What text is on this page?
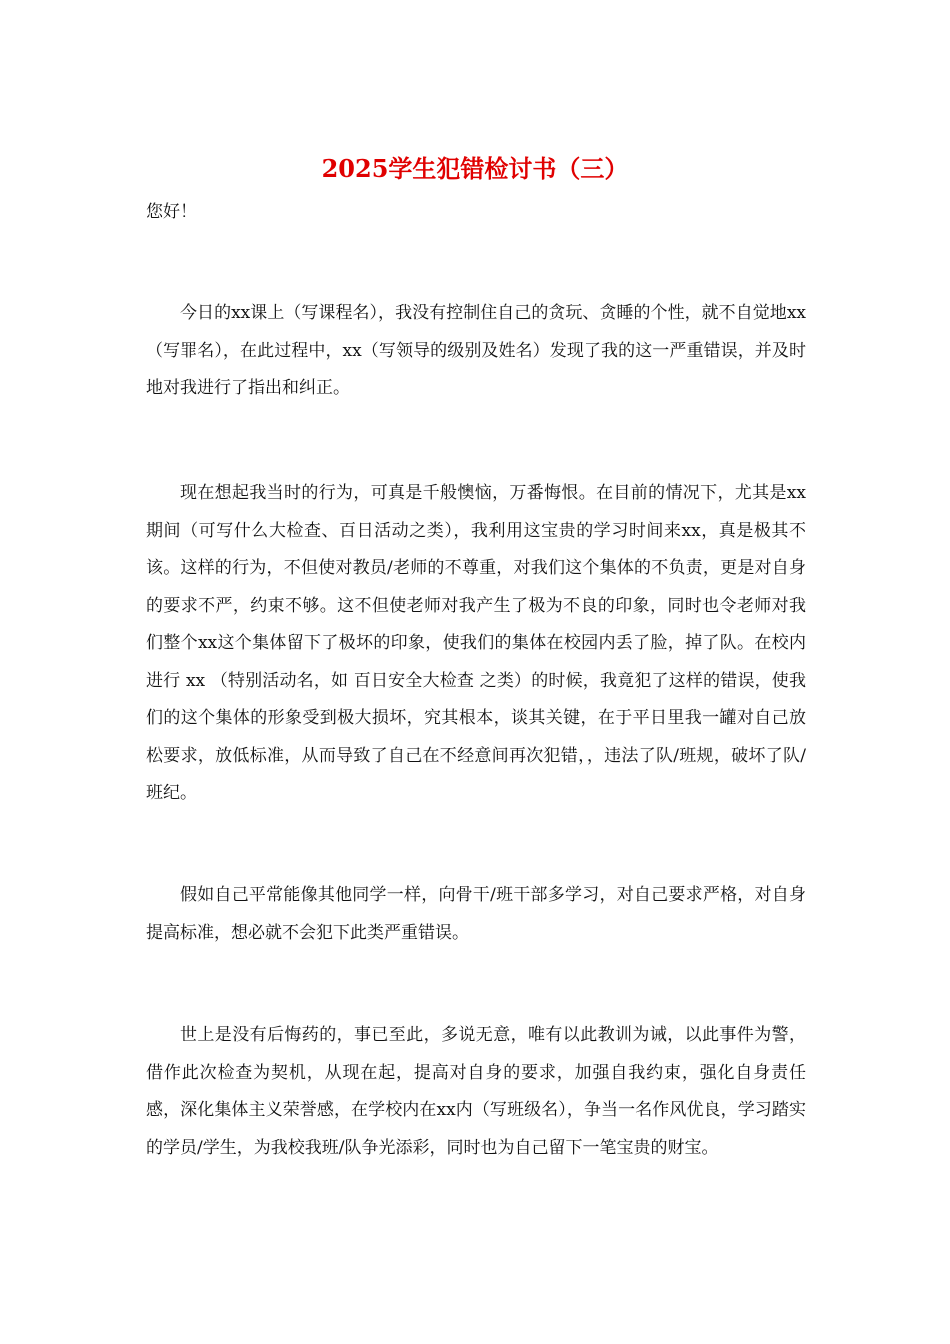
2025学生犯错检讨书（三）

您好！

今日的xx课上（写课程名），我没有控制住自己的贪玩、贪睡的个性，就不自觉地xx（写罪名），在此过程中，xx（写领导的级别及姓名）发现了我的这一严重错误，并及时地对我进行了指出和纠正。

现在想起我当时的行为，可真是千般懊恼，万番悔恨。在目前的情况下，尤其是xx期间（可写什么大检查、百日活动之类），我利用这宝贵的学习时间来xx，真是极其不该。这样的行为，不但使对教员/老师的不尊重，对我们这个集体的不负责，更是对自身的要求不严，约束不够。这不但使老师对我产生了极为不良的印象，同时也令老师对我们整个xx这个集体留下了极坏的印象，使我们的集体在校园内丢了脸，掉了队。在校内进行 xx （特别活动名，如 百日安全大检查 之类）的时候，我竟犯了这样的错误，使我们的这个集体的形象受到极大损坏，究其根本，谈其关键，在于平日里我一罐对自己放松要求，放低标准，从而导致了自己在不经意间再次犯错，，违法了队/班规，破坏了队/班纪。

假如自己平常能像其他同学一样，向骨干/班干部多学习，对自己要求严格，对自身提高标准，想必就不会犯下此类严重错误。

世上是没有后悔药的，事已至此，多说无意，唯有以此教训为诫，以此事件为警，借作此次检查为契机，从现在起，提高对自身的要求，加强自我约束，强化自身责任感，深化集体主义荣誉感，在学校内在xx内（写班级名），争当一名作风优良，学习踏实的学员/学生，为我校我班/队争光添彩，同时也为自己留下一笔宝贵的财宝。
